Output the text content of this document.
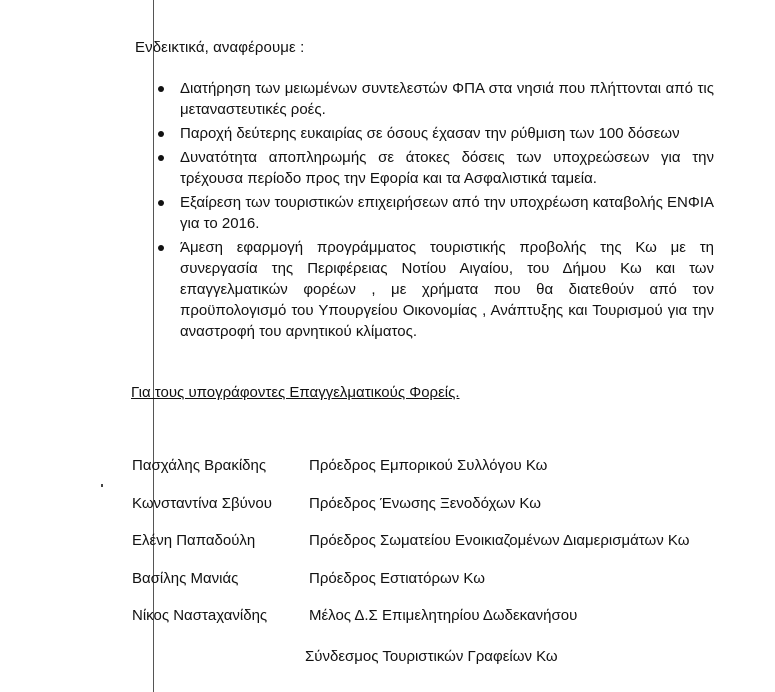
Ενδεικτικά, αναφέρουμε :
Διατήρηση των μειωμένων συντελεστών ΦΠΑ στα νησιά που πλήττονται από τις μεταναστευτικές ροές.
Παροχή δεύτερης ευκαιρίας σε όσους έχασαν την ρύθμιση των 100 δόσεων
Δυνατότητα αποπληρωμής σε άτοκες δόσεις των υποχρεώσεων για την τρέχουσα περίοδο προς την Εφορία και τα Ασφαλιστικά ταμεία.
Εξαίρεση των τουριστικών επιχειρήσεων από την υποχρέωση καταβολής ΕΝΦΙΑ για το 2016.
Άμεση εφαρμογή προγράμματος τουριστικής προβολής της Κω με τη συνεργασία της Περιφέρειας Νοτίου Αιγαίου, του Δήμου Κω και των επαγγελματικών φορέων , με χρήματα που θα διατεθούν από τον προϋπολογισμό του Υπουργείου Οικονομίας , Ανάπτυξης και Τουρισμού για την αναστροφή του αρνητικού κλίματος.
Για τους υπογράφοντες Επαγγελματικούς Φορείς.
Πασχάλης Βρακίδης	Πρόεδρος Εμπορικού Συλλόγου Κω
Κωνσταντίνα Σβύνου Πρόεδρος Ένωσης Ξενοδόχων Κω
Ελένη Παπαδούλη	Πρόεδρος Σωματείου Ενοικιαζομένων Διαμερισμάτων Κω
Βασίλης Μανιάς	Πρόεδρος Εστιατόρων Κω
Νίκος Ναστaχανίδης	Μέλος Δ.Σ Επιμελητηρίου Δωδεκανήσου
Σύνδεσμος Τουριστικών Γραφείων Κω
